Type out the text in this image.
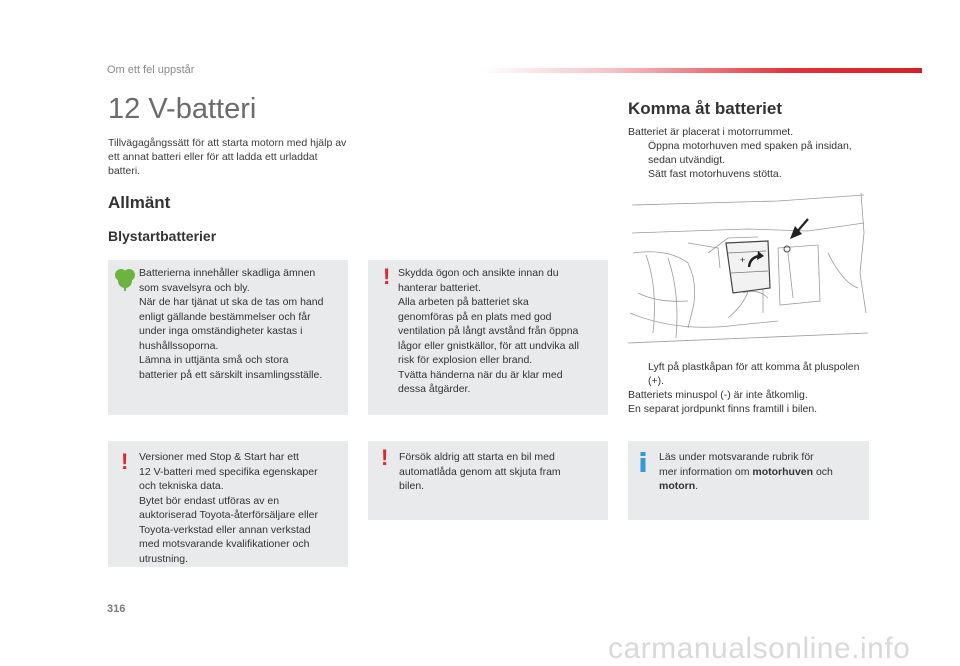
Om ett fel uppstår
12 V-batteri
Tillvägagångssätt för att starta motorn med hjälp av ett annat batteri eller för att ladda ett urladdat batteri.
Allmänt
Blystartbatterier
Batterierna innehåller skadliga ämnen
som svavelsyra och bly.
När de har tjänat ut ska de tas om hand
enligt gällande bestämmelser och får
under inga omständigheter kastas i
hushållssoporna.
Lämna in uttjänta små och stora
batterier på ett särskilt insamlingsställe.
! Skydda ögon och ansikte innan du
hanterar batteriet.
Alla arbeten på batteriet ska
genomföras på en plats med god
ventilation på långt avstånd från öppna
lågor eller gnistkällor, för att undvika all
risk för explosion eller brand.
Tvätta händerna när du är klar med
dessa åtgärder.
! Versioner med Stop & Start har ett
12 V-batteri med specifika egenskaper
och tekniska data.
Bytet bör endast utföras av en
auktoriserad Toyota-återförsäljare eller
Toyota-verkstad eller annan verkstad
med motsvarande kvalifikationer och
utrustning.
! Försök aldrig att starta en bil med
automatlåda genom att skjuta fram
bilen.
Läs under motsvarande rubrik för
mer information om motorhuven och
motorn.
Komma åt batteriet
Batteriet är placerat i motorrummet.
Öppna motorhuven med spaken på insidan, sedan utvändigt.
Sätt fast motorhuvens stötta.
+
Lyft på plastkåpan för att komma åt pluspolen (+).
Batteriets minuspol (-) är inte åtkomlig.
En separat jordpunkt finns framtill i bilen.
316
carmanualsonline.info
